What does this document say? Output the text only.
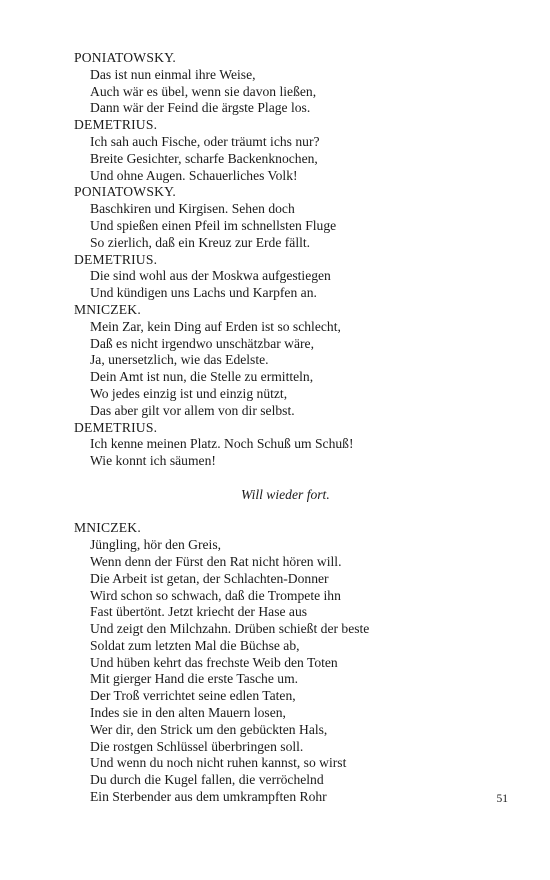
PONIATOWSKY.
Das ist nun einmal ihre Weise,
Auch wär es übel, wenn sie davon ließen,
Dann wär der Feind die ärgste Plage los.
DEMETRIUS.
Ich sah auch Fische, oder träumt ichs nur?
Breite Gesichter, scharfe Backenknochen,
Und ohne Augen. Schauerliches Volk!
PONIATOWSKY.
Baschkiren und Kirgisen. Sehen doch
Und spießen einen Pfeil im schnellsten Fluge
So zierlich, daß ein Kreuz zur Erde fällt.
DEMETRIUS.
Die sind wohl aus der Moskwa aufgestiegen
Und kündigen uns Lachs und Karpfen an.
MNICZEK.
Mein Zar, kein Ding auf Erden ist so schlecht,
Daß es nicht irgendwo unschätzbar wäre,
Ja, unersetzlich, wie das Edelste.
Dein Amt ist nun, die Stelle zu ermitteln,
Wo jedes einzig ist und einzig nützt,
Das aber gilt vor allem von dir selbst.
DEMETRIUS.
Ich kenne meinen Platz. Noch Schuß um Schuß!
Wie konnt ich säumen!
Will wieder fort.
MNICZEK.
Jüngling, hör den Greis,
Wenn denn der Fürst den Rat nicht hören will.
Die Arbeit ist getan, der Schlachten-Donner
Wird schon so schwach, daß die Trompete ihn
Fast übertönt. Jetzt kriecht der Hase aus
Und zeigt den Milchzahn. Drüben schießt der beste
Soldat zum letzten Mal die Büchse ab,
Und hüben kehrt das frechste Weib den Toten
Mit gierger Hand die erste Tasche um.
Der Troß verrichtet seine edlen Taten,
Indes sie in den alten Mauern losen,
Wer dir, den Strick um den gebückten Hals,
Die rostgen Schlüssel überbringen soll.
Und wenn du noch nicht ruhen kannst, so wirst
Du durch die Kugel fallen, die verröchelnd
Ein Sterbender aus dem umkrampften Rohr	51
